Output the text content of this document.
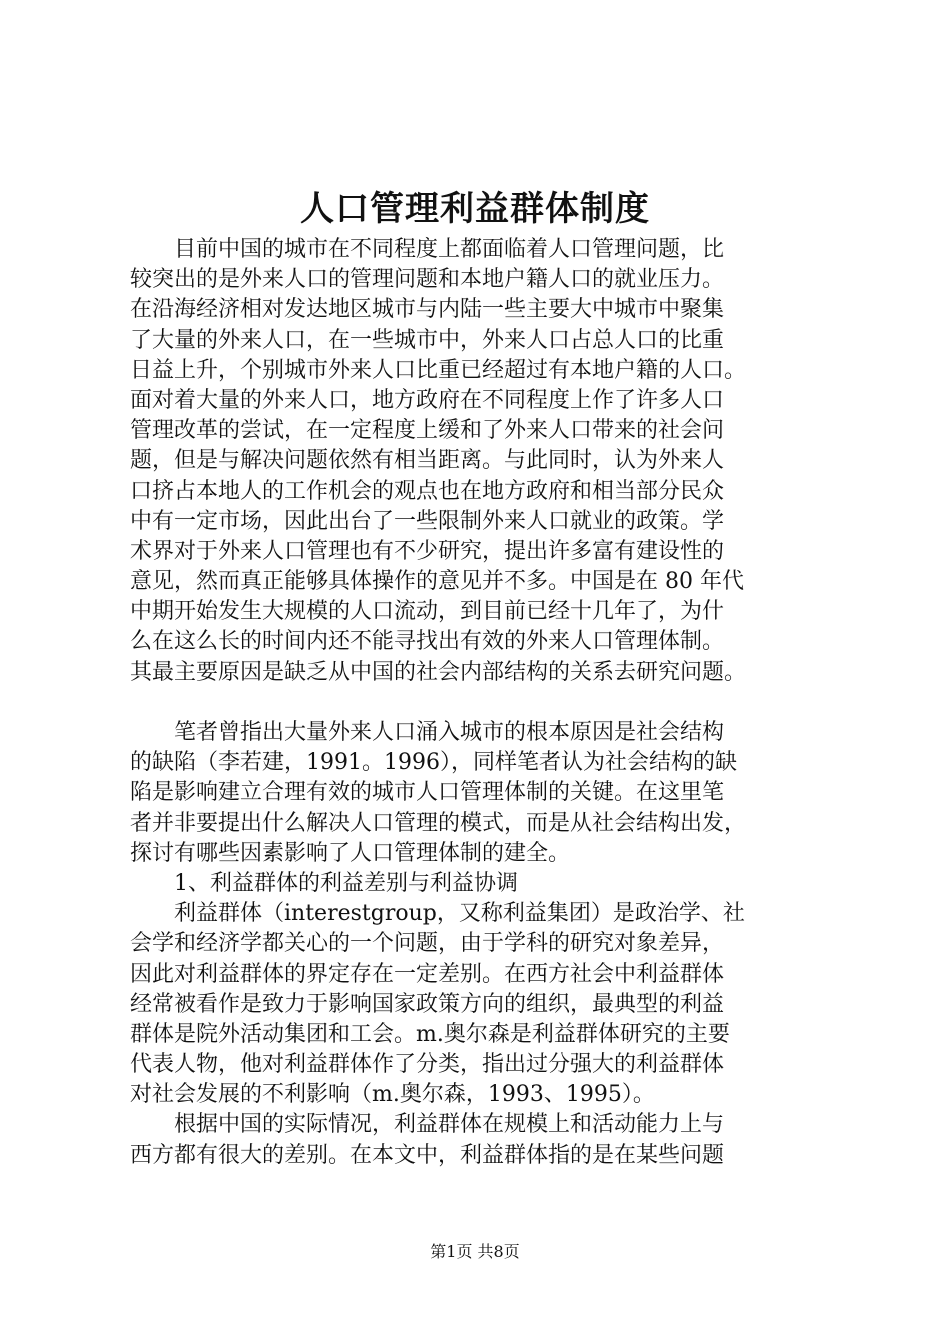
人口管理利益群体制度
　　目前中国的城市在不同程度上都面临着人口管理问题，比
较突出的是外来人口的管理问题和本地户籍人口的就业压力。
在沿海经济相对发达地区城市与内陆一些主要大中城市中聚集
了大量的外来人口，在一些城市中，外来人口占总人口的比重
日益上升，个别城市外来人口比重已经超过有本地户籍的人口。
面对着大量的外来人口，地方政府在不同程度上作了许多人口
管理改革的尝试，在一定程度上缓和了外来人口带来的社会问
题，但是与解决问题依然有相当距离。与此同时，认为外来人
口挤占本地人的工作机会的观点也在地方政府和相当部分民众
中有一定市场，因此出台了一些限制外来人口就业的政策。学
术界对于外来人口管理也有不少研究，提出许多富有建设性的
意见，然而真正能够具体操作的意见并不多。中国是在 80 年代
中期开始发生大规模的人口流动，到目前已经十几年了，为什
么在这么长的时间内还不能寻找出有效的外来人口管理体制。
其最主要原因是缺乏从中国的社会内部结构的关系去研究问题。
　　笔者曾指出大量外来人口涌入城市的根本原因是社会结构
的缺陷（李若建，1991。1996），同样笔者认为社会结构的缺
陷是影响建立合理有效的城市人口管理体制的关键。在这里笔
者并非要提出什么解决人口管理的模式，而是从社会结构出发，
探讨有哪些因素影响了人口管理体制的建全。
　　1、利益群体的利益差别与利益协调
　　利益群体（interestgroup，又称利益集团）是政治学、社
会学和经济学都关心的一个问题，由于学科的研究对象差异，
因此对利益群体的界定存在一定差别。在西方社会中利益群体
经常被看作是致力于影响国家政策方向的组织，最典型的利益
群体是院外活动集团和工会。m.奥尔森是利益群体研究的主要
代表人物，他对利益群体作了分类，指出过分强大的利益群体
对社会发展的不利影响（m.奥尔森，1993、1995）。
　　根据中国的实际情况，利益群体在规模上和活动能力上与
西方都有很大的差别。在本文中，利益群体指的是在某些问题
第1页 共8页
